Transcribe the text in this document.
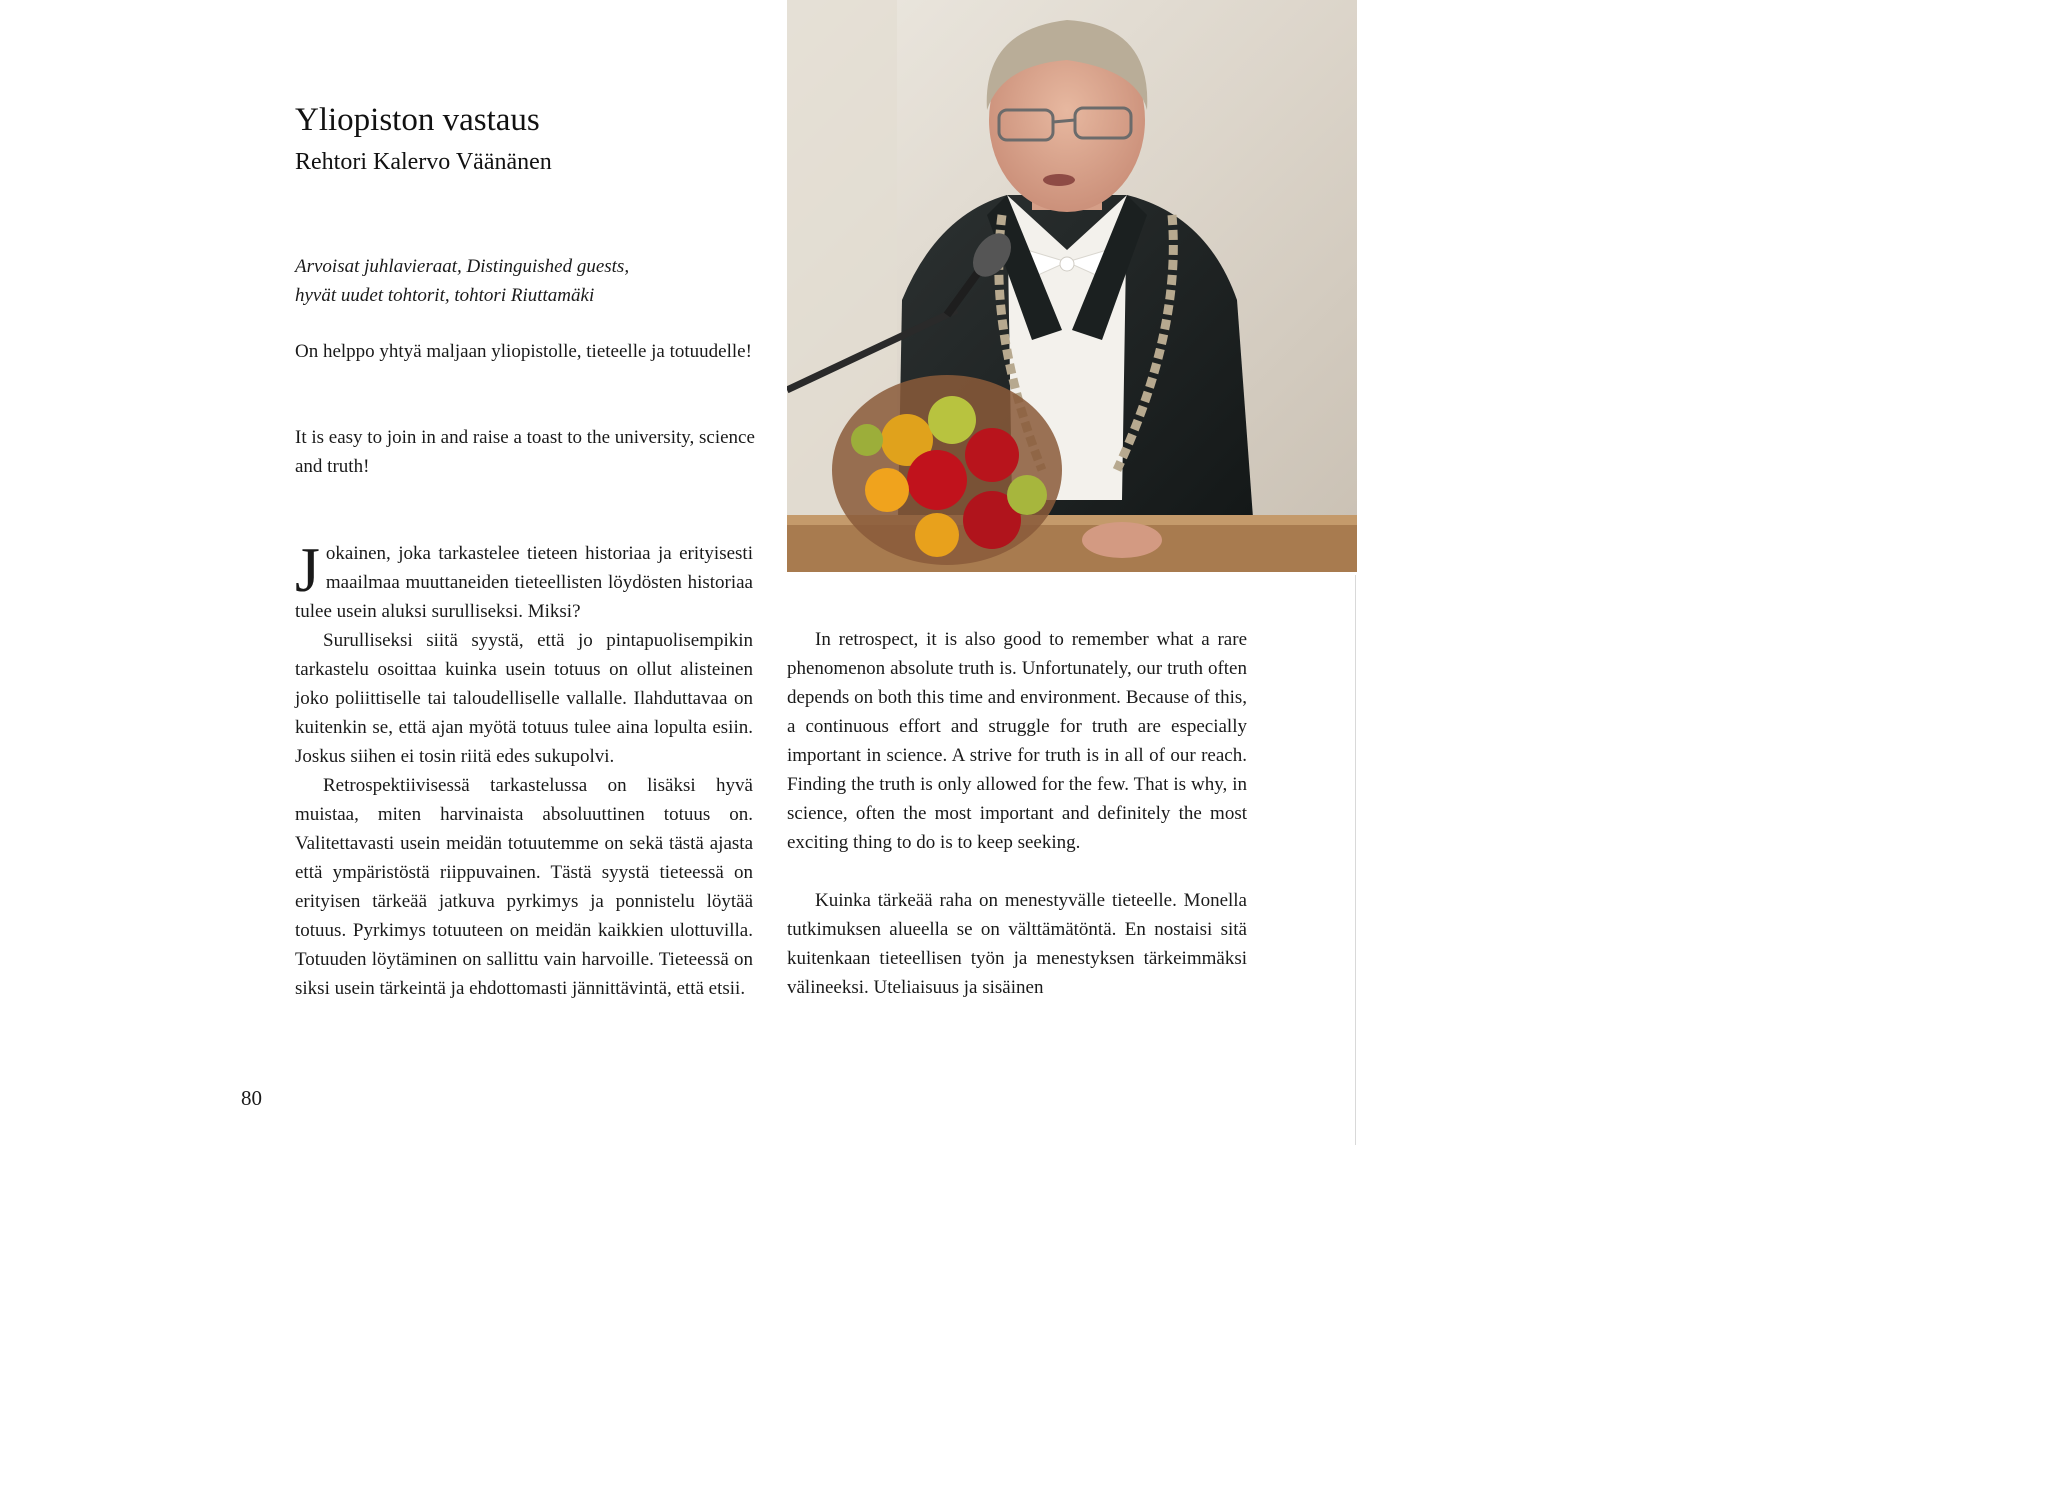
Yliopiston vastaus
Rehtori Kalervo Väänänen
Arvoisat juhlavieraat, Distinguished guests,
hyvät uudet tohtorit, tohtori Riuttamäki
On helppo yhtyä maljaan yliopistolle, tieteelle ja totuudelle!
It is easy to join in and raise a toast to the university, science and truth!

Jokainen, joka tarkastelee tieteen historiaa ja erityisesti maailmaa muuttaneiden tieteellisten löydösten historiaa tulee usein aluksi surulliseksi. Miksi?

Surulliseksi siitä syystä, että jo pintapuolisempikin tarkastelu osoittaa kuinka usein totuus on ollut alisteinen joko poliittiselle tai taloudelliselle vallalle. Ilahduttavaa on kuitenkin se, että ajan myötä totuus tulee aina lopulta esiin. Joskus siihen ei tosin riitä edes sukupolvi.

Retrospektiivisessä tarkastelussa on lisäksi hyvä muistaa, miten harvinaista absoluuttinen totuus on. Valitettavasti usein meidän totuutemme on sekä tästä ajasta että ympäristöstä riippuvainen. Tästä syystä tieteessä on erityisen tärkeää jatkuva pyrkimys ja ponnistelu löytää totuus. Pyrkimys totuuteen on meidän kaikkien ulottuvilla. Totuuden löytäminen on sallittu vain harvoille. Tieteessä on siksi usein tärkeintä ja ehdottomasti jännittävintä, että etsii.

In retrospect, it is also good to remember what a rare phenomenon absolute truth is. Unfortunately, our truth often depends on both this time and environment. Because of this, a continuous effort and struggle for truth are especially important in science. A strive for truth is in all of our reach. Finding the truth is only allowed for the few. That is why, in science, often the most important and definitely the most exciting thing to do is to keep seeking.

Kuinka tärkeää raha on menestyvälle tieteelle. Monella tutkimuksen alueella se on välttämätöntä. En nostaisi sitä kuitenkaan tieteellisen työn ja menestyksen tärkeimmäksi välineeksi. Uteliaisuus ja sisäinen

80
